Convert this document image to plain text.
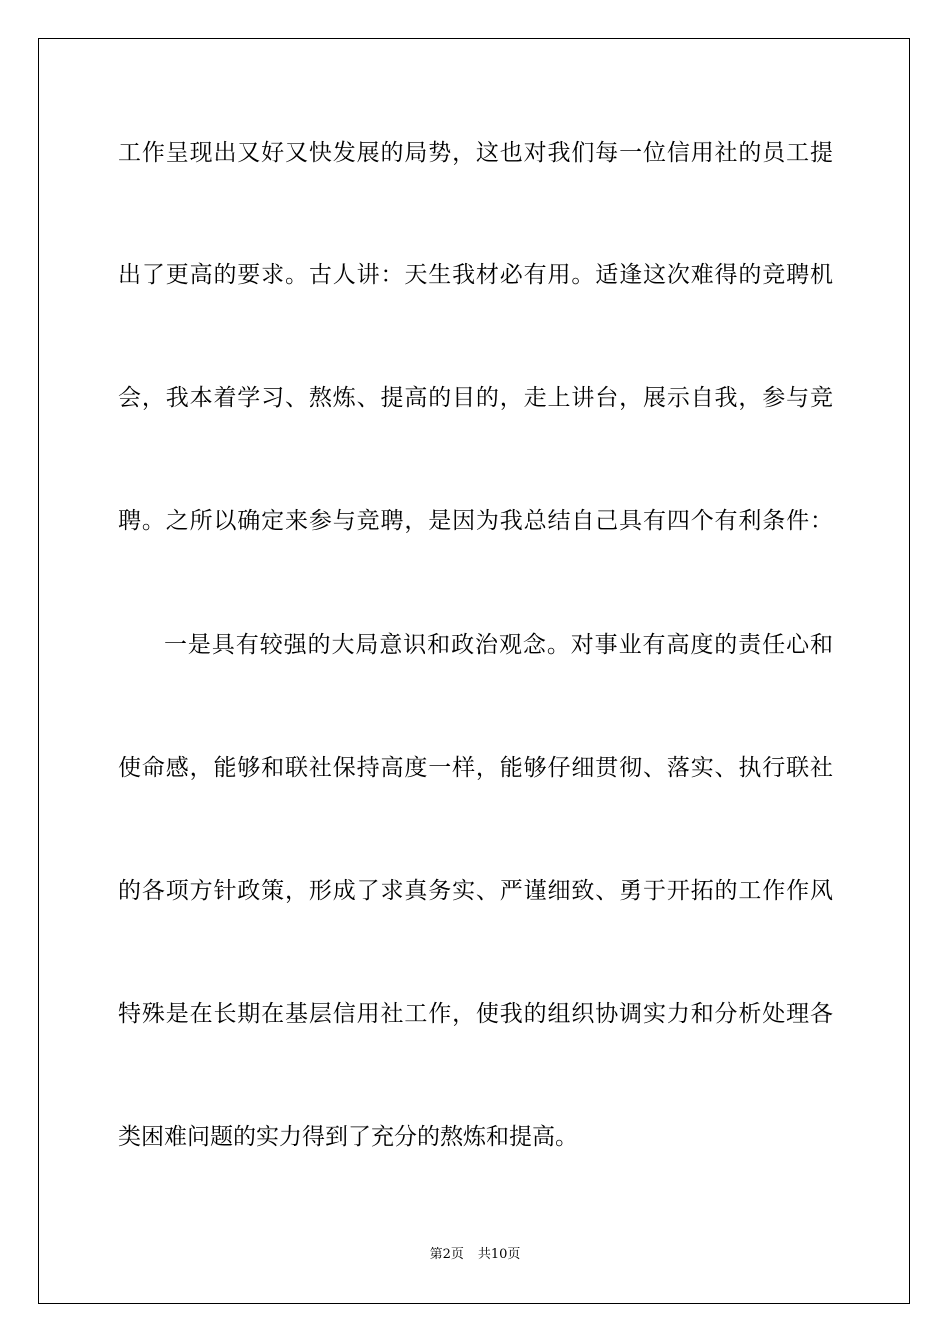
工作呈现出又好又快发展的局势，这也对我们每一位信用社的员工提
出了更高的要求。古人讲：天生我材必有用。适逢这次难得的竞聘机
会，我本着学习、熬炼、提高的目的，走上讲台，展示自我，参与竞
聘。之所以确定来参与竞聘，是因为我总结自己具有四个有利条件：
一是具有较强的大局意识和政治观念。对事业有高度的责任心和
使命感，能够和联社保持高度一样，能够仔细贯彻、落实、执行联社
的各项方针政策，形成了求真务实、严谨细致、勇于开拓的工作作风
特殊是在长期在基层信用社工作，使我的组织协调实力和分析处理各
类困难问题的实力得到了充分的熬炼和提高。
第2页 共10页
